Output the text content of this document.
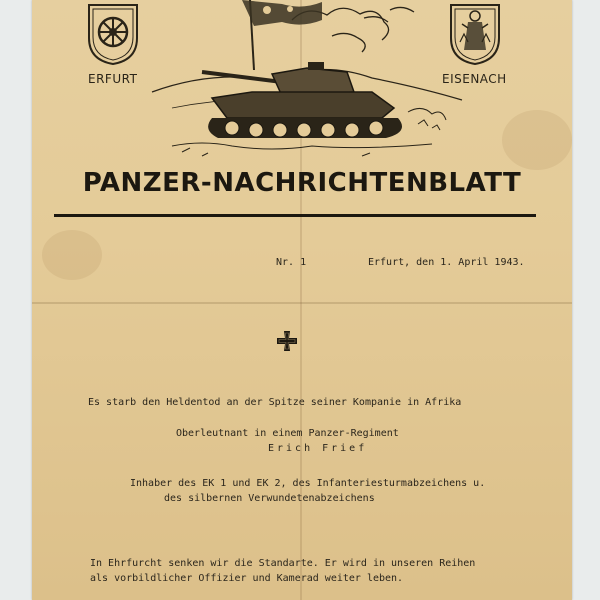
ERFURT	EISENACH
PANZER-NACHRICHTENBLATT
Nr. 1	Erfurt, den 1. April 1943.
Es starb den Heldentod an der Spitze seiner Kompanie in Afrika
Oberleutnant in einem Panzer-Regiment
Erich Frief
Inhaber des EK 1 und EK 2, des Infanteriesturmabzeichens u.
des silbernen Verwundetenabzeichens
In Ehrfurcht senken wir die Standarte. Er wird in unseren Reihen
als vorbildlicher Offizier und Kamerad weiter leben.
